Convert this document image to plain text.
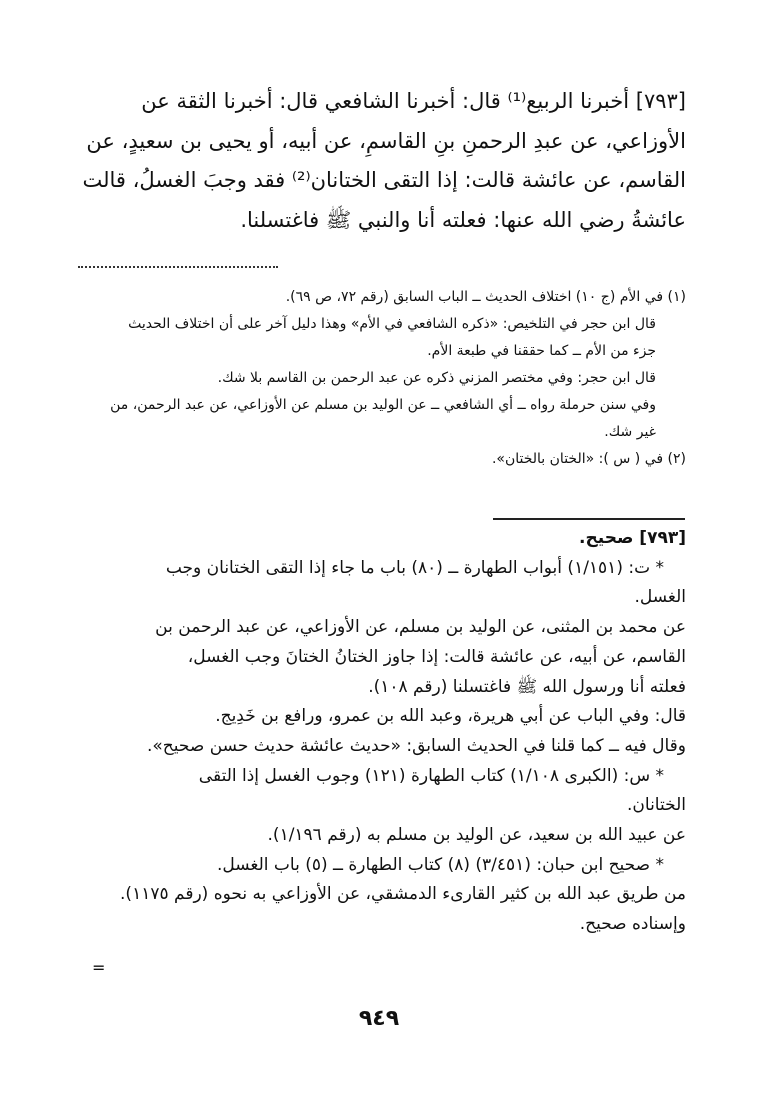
[٧٩٣] أخبرنا الربيع⁽¹⁾ قال: أخبرنا الشافعي قال: أخبرنا الثقة عن
الأوزاعي، عن عبدِ الرحمنِ بنِ القاسمِ، عن أبيه، أو يحيى بن سعيدٍ، عن
القاسم، عن عائشة قالت: إذا التقى الختانان⁽²⁾ فقد وجبَ الغسلُ، قالت
عائشةُ رضي الله عنها: فعلته أنا والنبي ﷺ فاغتسلنا.
(١) في الأم (ج ١٠) اختلاف الحديث ــ الباب السابق (رقم ٧٢، ص ٦٩).
قال ابن حجر في التلخيص: «ذكره الشافعي في الأم» وهذا دليل آخر على أن اختلاف الحديث
جزء من الأم ــ كما حققنا في طبعة الأم.
قال ابن حجر: وفي مختصر المزني ذكره عن عبد الرحمن بن القاسم بلا شك.
وفي سنن حرملة رواه ــ أي الشافعي ــ عن الوليد بن مسلم عن الأوزاعي، عن عبد الرحمن، من
غير شك.
(٢) في ( س ): «الختان بالختان».
[٧٩٣] صحيح.
* ت: (١/١٥١) أبواب الطهارة ــ (٨٠) باب ما جاء إذا التقى الختانان وجب
الغسل.
عن محمد بن المثنى، عن الوليد بن مسلم، عن الأوزاعي، عن عبد الرحمن بن
القاسم، عن أبيه، عن عائشة قالت: إذا جاوز الختانُ الختانَ وجب الغسل،
فعلته أنا ورسول الله ﷺ فاغتسلنا (رقم ١٠٨).
قال: وفي الباب عن أبي هريرة، وعبد الله بن عمرو، ورافع بن خَدِيج.
وقال فيه ــ كما قلنا في الحديث السابق: «حديث عائشة حديث حسن صحيح».
* س: (الكبرى ١/١٠٨) كتاب الطهارة (١٢١) وجوب الغسل إذا التقى
الختانان.
عن عبيد الله بن سعيد، عن الوليد بن مسلم به (رقم ١/١٩٦).
* صحيح ابن حبان: (٣/٤٥١) (٨) كتاب الطهارة ــ (٥) باب الغسل.
من طريق عبد الله بن كثير القارىء الدمشقي، عن الأوزاعي به نحوه (رقم ١١٧٥).
وإسناده صحيح.
=
٩٤٩
